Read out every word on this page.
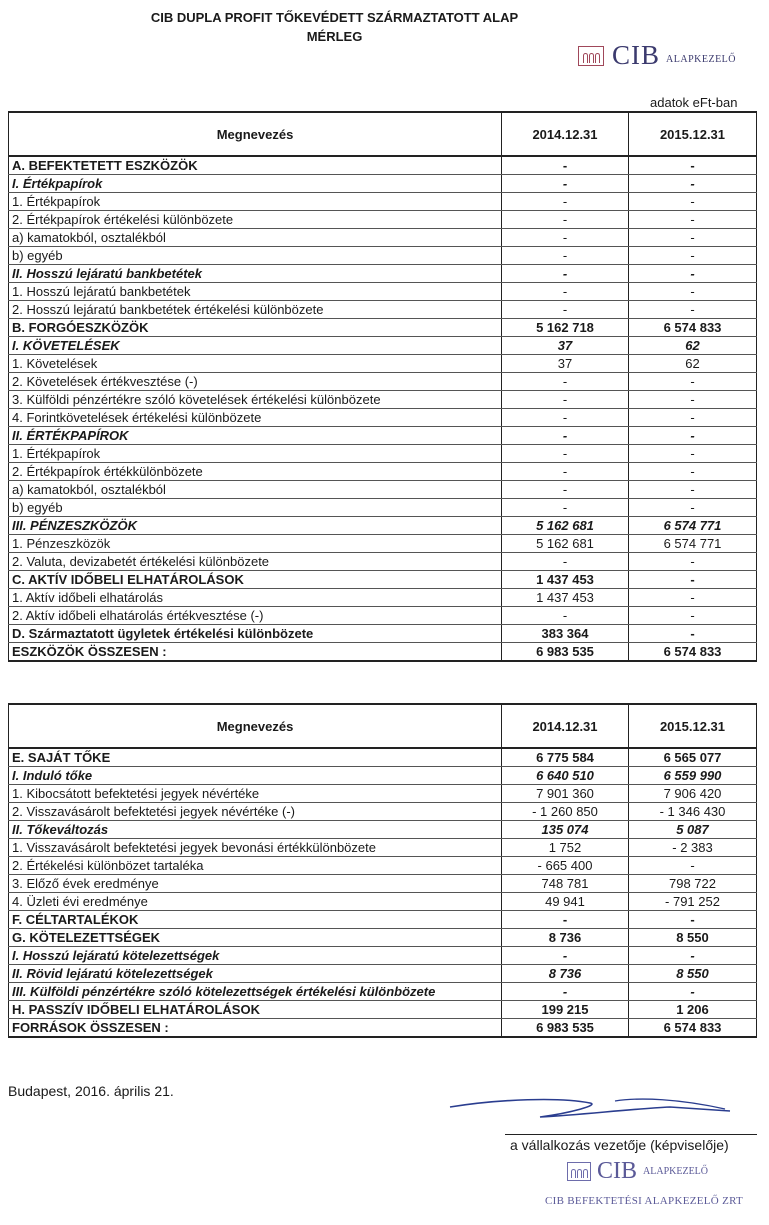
CIB DUPLA PROFIT TŐKEVÉDETT SZÁRMAZTATOTT ALAP
MÉRLEG
CIB ALAPKEZELŐ
adatok eFt-ban
Megnevezés	2014.12.31	2015.12.31
A. BEFEKTETETT ESZKÖZÖK	-	-
I. Értékpapírok	-	-
1. Értékpapírok	-	-
2. Értékpapírok értékelési különbözete	-	-
a) kamatokból, osztalékból	-	-
b) egyéb	-	-
II. Hosszú lejáratú bankbetétek	-	-
1. Hosszú lejáratú bankbetétek	-	-
2. Hosszú lejáratú bankbetétek értékelési különbözete	-	-
B. FORGÓESZKÖZÖK	5 162 718	6 574 833
I. KÖVETELÉSEK	37	62
1. Követelések	37	62
2. Követelések értékvesztése (-)	-	-
3. Külföldi pénzértékre szóló követelések értékelési különbözete	-	-
4. Forintkövetelések értékelési különbözete	-	-
II. ÉRTÉKPAPÍROK	-	-
1. Értékpapírok	-	-
2. Értékpapírok értékkülönbözete	-	-
a) kamatokból, osztalékból	-	-
b) egyéb	-	-
III. PÉNZESZKÖZÖK	5 162 681	6 574 771
1. Pénzeszközök	5 162 681	6 574 771
2. Valuta, devizabetét értékelési különbözete	-	-
C. AKTÍV IDŐBELI ELHATÁROLÁSOK	1 437 453	-
1. Aktív időbeli elhatárolás	1 437 453	-
2. Aktív időbeli elhatárolás értékvesztése (-)	-	-
D. Származtatott ügyletek értékelési különbözete	383 364	-
ESZKÖZÖK ÖSSZESEN :	6 983 535	6 574 833
Megnevezés	2014.12.31	2015.12.31
E. SAJÁT TŐKE	6 775 584	6 565 077
I. Induló tőke	6 640 510	6 559 990
1. Kibocsátott befektetési jegyek névértéke	7 901 360	7 906 420
2. Visszavásárolt befektetési jegyek névértéke (-)	- 1 260 850	- 1 346 430
II. Tőkeváltozás	135 074	5 087
1. Visszavásárolt befektetési jegyek bevonási értékkülönbözete	1 752	- 2 383
2. Értékelési különbözet tartaléka	- 665 400	-
3. Előző évek eredménye	748 781	798 722
4. Üzleti évi eredménye	49 941	- 791 252
F. CÉLTARTALÉKOK	-	-
G. KÖTELEZETTSÉGEK	8 736	8 550
I. Hosszú lejáratú kötelezettségek	-	-
II. Rövid lejáratú kötelezettségek	8 736	8 550
III. Külföldi pénzértékre szóló kötelezettségek értékelési különbözete	-	-
H. PASSZÍV IDŐBELI ELHATÁROLÁSOK	199 215	1 206
FORRÁSOK ÖSSZESEN :	6 983 535	6 574 833
Budapest, 2016. április 21.
a vállalkozás vezetője (képviselője)
CIB ALAPKEZELŐ
CIB BEFEKTETÉSI ALAPKEZELŐ ZRT
